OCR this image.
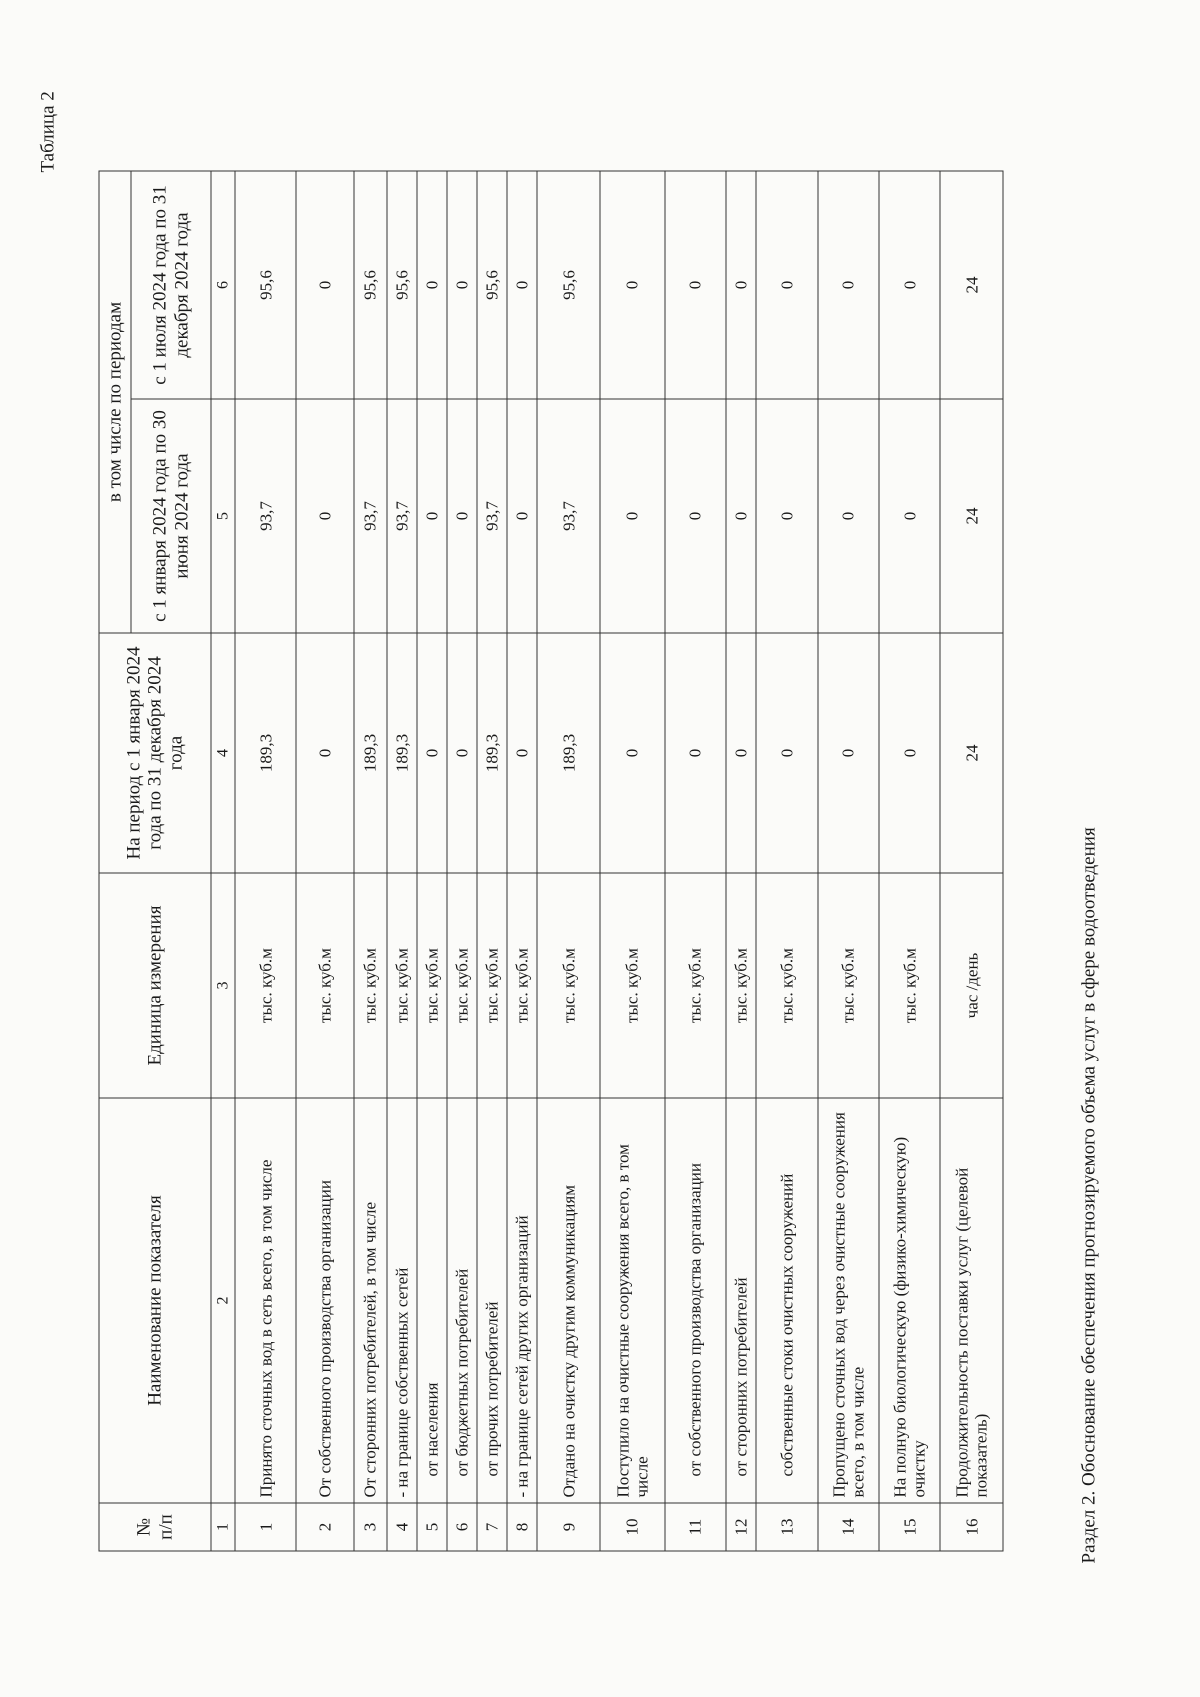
Раздел 2. Обоснование обеспечения прогнозируемого объема услуг в сфере водоотведения
Таблица 2
№ п/п	Наименование показателя	Единица измерения	На период с 1 января 2024 года по 31 декабря 2024 года	в том числе по периодам	
				с 1 января 2024 года по 30 июня 2024 года	с 1 июля 2024 года по 31 декабря 2024 года
1	2	3	4	5	6
1	Принято сточных вод в сеть всего, в том числе	тыс. куб.м	189,3	93,7	95,6
2	От собственного производства организации	тыс. куб.м	0	0	0
3	От сторонних потребителей, в том числе	тыс. куб.м	189,3	93,7	95,6
4	- на границе собственных сетей	тыс. куб.м	189,3	93,7	95,6
5	от населения	тыс. куб.м	0	0	0
6	от бюджетных потребителей	тыс. куб.м	0	0	0
7	от прочих потребителей	тыс. куб.м	189,3	93,7	95,6
8	- на границе сетей других организаций	тыс. куб.м	0	0	0
9	Отдано на очистку другим коммуникациям	тыс. куб.м	189,3	93,7	95,6
10	Поступило на очистные сооружения всего, в том числе	тыс. куб.м	0	0	0
11	от собственного производства организации	тыс. куб.м	0	0	0
12	от сторонних потребителей	тыс. куб.м	0	0	0
13	собственные стоки очистных сооружений	тыс. куб.м	0	0	0
14	Пропущено сточных вод через очистные сооружения всего, в том числе	тыс. куб.м	0	0	0
15	На полную биологическую (физико-химическую) очистку	тыс. куб.м	0	0	0
16	Продолжительность поставки услуг (целевой показатель)	час /день	24	24	24
